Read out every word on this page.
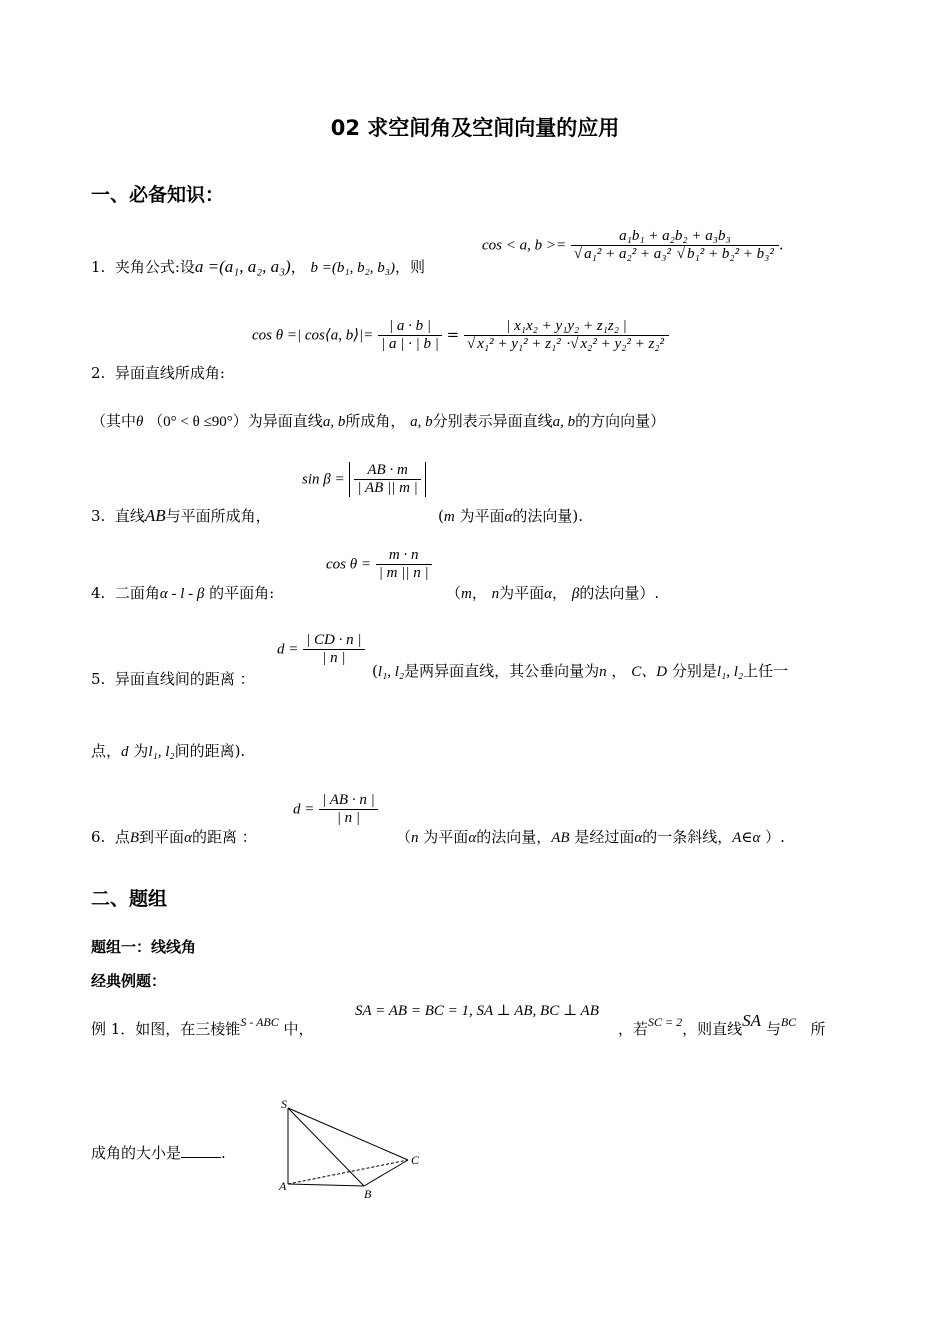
02 求空间角及空间向量的应用
一、必备知识：
1. 夹角公式:设a =(a₁, a₂, a₃)， b =(b₁, b₂, b₃)，则
cos < a, $b >= \frac{\text{a₁b₁ + a₂b₂ + a₃b₃}}{\text{√ a₁² + a₂² + a₃² √ b₁² + b₂² + b₃²}}$ .
cos θ =| cos⟨a, b⟩|= $\frac{| a \cdot b |}{| a | \cdot | b |} = \frac{\text{| x₁x₂ + y₁y₂ + z₁z₂ |}}{\text{√ x₁² + y₁² + z₁² ·√ x₂² + y₂² + z₂²}}$
2. 异面直线所成角:
（其中θ （0° < θ ≤90°）为异面直线a, b所成角， a, b分别表示异面直线a, b的方向向量）
$\sin \beta = \frac{AB \cdot m}{| AB || m |}$
3. 直线AB与平面所成角，	(m 为平面α的法向量).
$\cos \theta = \frac{m \cdot n}{| m || n |}$
4. 二面角α - l - β 的平面角:	（m， n为平面α， β的法向量）.
$d = \frac{| CD \cdot n |}{| n |}$
5. 异面直线间的距离 ：	(l₁, l₂是两异面直线，其公垂向量为n ， C、D 分别是l₁, l₂上任一
点，d 为l₁, l₂间的距离).
$d = \frac{| AB \cdot n |}{| n |}$
6. 点B到平面α的距离 ：	（n 为平面α的法向量，AB 是经过面α的一条斜线，A∈α ）.
二、题组
题组一：线线角
经典例题：
例 1．如图，在三棱锥$^{S - ABC}$ 中，
SA = AB = BC = 1, SA ⊥ AB, BC ⊥ AB
，若$^{SC = 2}$，则直线SA 与$^{BC}$ 所
成角的大小是	.
S
A
B
C
